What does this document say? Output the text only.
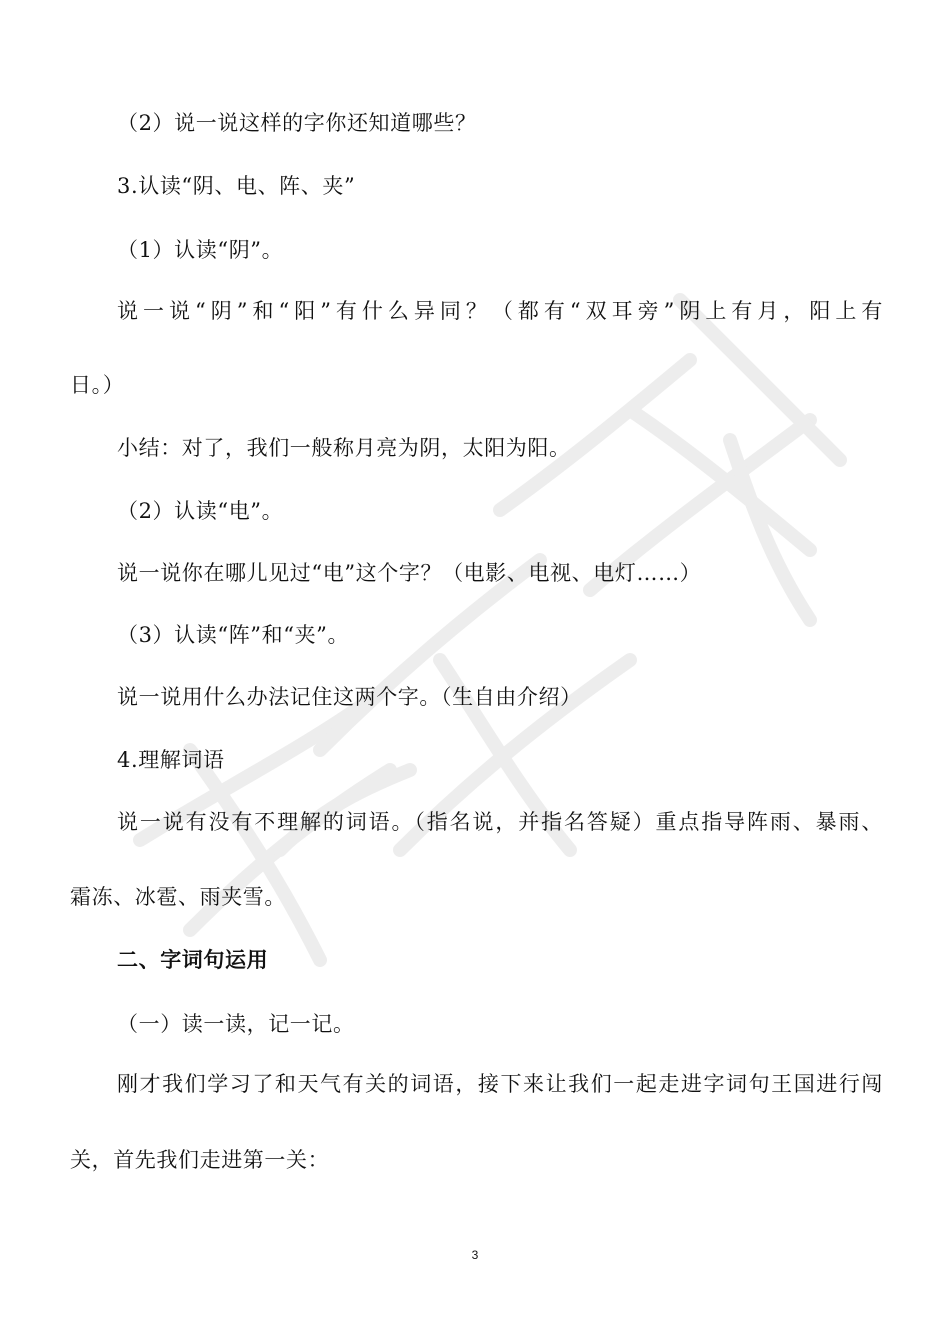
（2）说一说这样的字你还知道哪些？

3.认读“阴、电、阵、夹”

（1）认读“阴”。

说一说“阴”和“阳”有什么异同？（都有“双耳旁”阴上有月，阳上有

日。）

小结：对了，我们一般称月亮为阴，太阳为阳。

（2）认读“电”。

说一说你在哪儿见过“电”这个字？（电影、电视、电灯……）

（3）认读“阵”和“夹”。

说一说用什么办法记住这两个字。（生自由介绍）

4.理解词语

说一说有没有不理解的词语。（指名说，并指名答疑）重点指导阵雨、暴雨、

霜冻、冰雹、雨夹雪。

二、字词句运用

（一）读一读，记一记。

刚才我们学习了和天气有关的词语，接下来让我们一起走进字词句王国进行闯

关，首先我们走进第一关：

3
